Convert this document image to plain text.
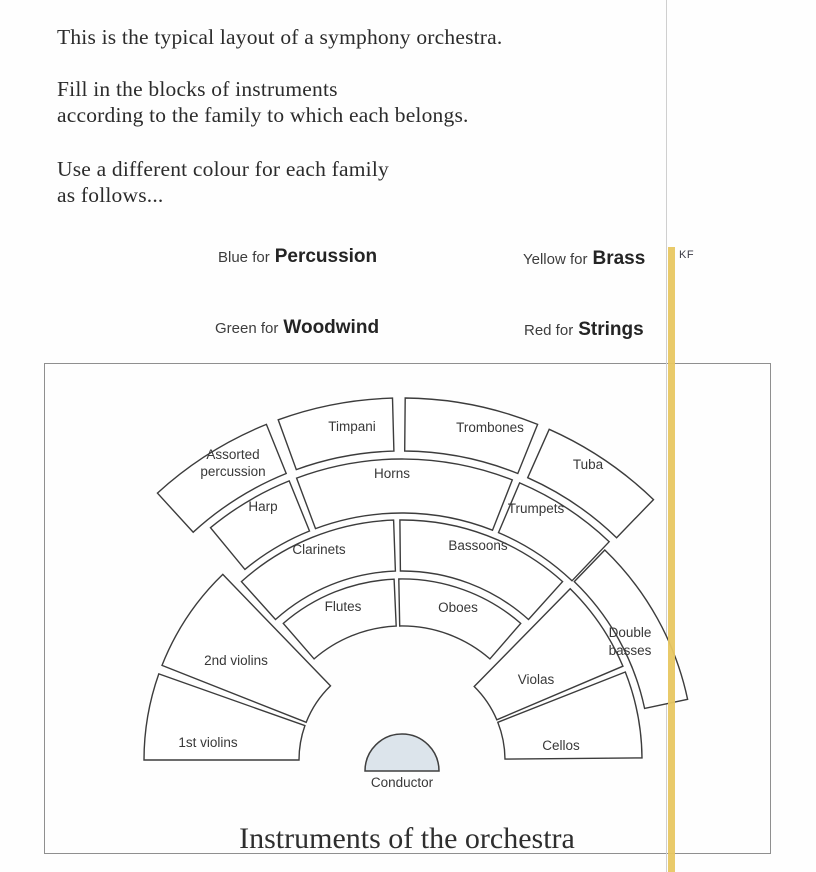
This is the typical layout of a symphony orchestra.
Fill in the blocks of instruments
according to the family to which each belongs.
Use a different colour for each family
as follows...
Blue for Percussion	Yellow for Brass
Green for Woodwind	Red for Strings
Timpani	Trombones
Assorted
percussion	Tuba
Horns
Harp	Trumpets
Clarinets	Bassoons
Flutes	Oboes
2nd violins
1st violins
Violas
Cellos
Double
basses
Conductor
Instruments of the orchestra
KF
